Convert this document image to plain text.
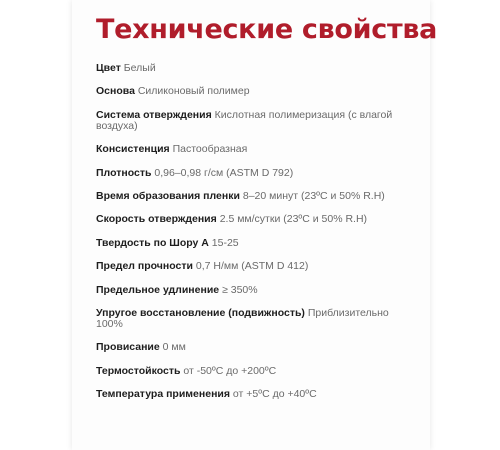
Технические свойства
Цвет Белый
Основа Силиконовый полимер
Система отверждения Кислотная полимеризация (с влагой воздуха)
Консистенция Пастообразная
Плотность 0,96–0,98 г/см (ASTM D 792)
Время образования пленки 8–20 минут (23ºC и 50% R.H)
Скорость отверждения 2.5 мм/сутки (23ºC и 50% R.H)
Твердость по Шору А 15-25
Предел прочности 0,7 Н/мм (ASTM D 412)
Предельное удлинение ≥ 350%
Упругое восстановление (подвижность) Приблизительно 100%
Провисание 0 мм
Термостойкость от -50ºC до +200ºC
Температура применения от +5ºC до +40ºC
